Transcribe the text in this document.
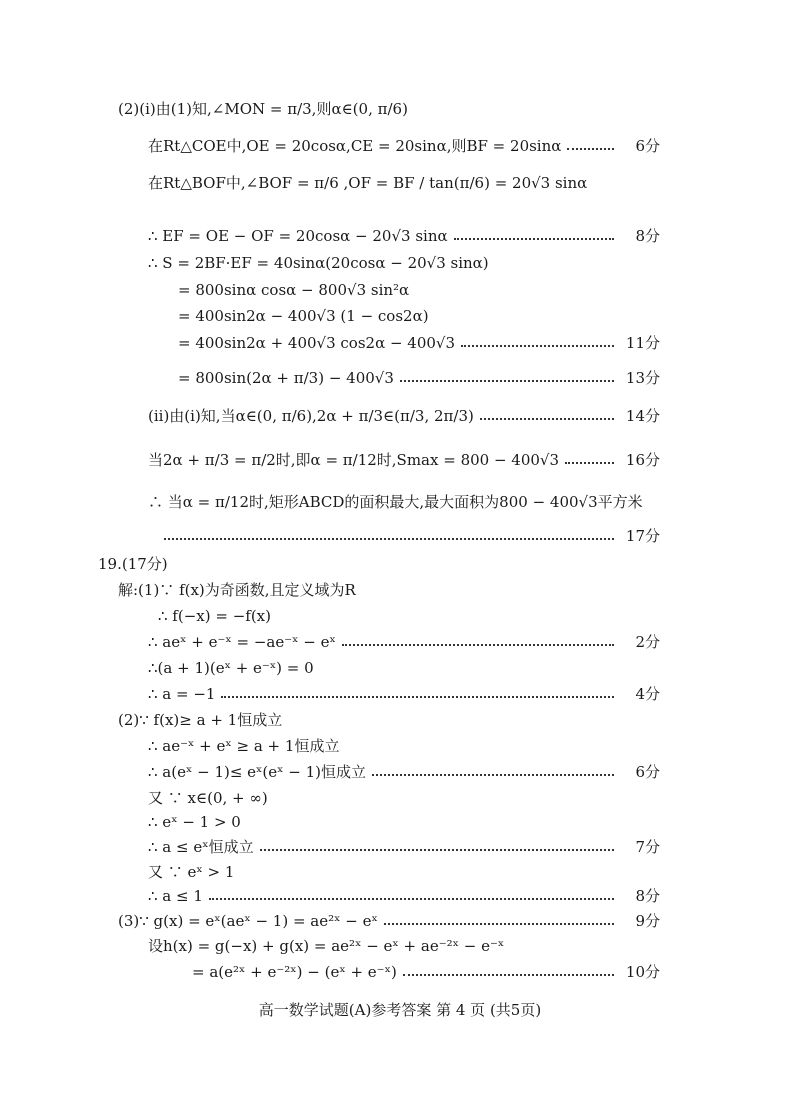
(2)(i)由(1)知,∠MON = π/3,则α∈(0, π/6)
在Rt△COE中,OE = 20cosα,CE = 20sinα,则BF = 20sinα	6分
在Rt△BOF中,∠BOF = π/6 ,OF = BF / tan(π/6) = 20√3 sinα
∴ EF = OE − OF = 20cosα − 20√3 sinα	8分
∴ S = 2BF·EF = 40sinα(20cosα − 20√3 sinα)
= 800sinα cosα − 800√3 sin²α
= 400sin2α − 400√3 (1 − cos2α)
= 400sin2α + 400√3 cos2α − 400√3	11分
= 800sin(2α + π/3) − 400√3	13分
(ii)由(i)知,当α∈(0, π/6),2α + π/3∈(π/3, 2π/3)	14分
当2α + π/3 = π/2时,即α = π/12时,Smax = 800 − 400√3	16分
∴ 当α = π/12时,矩形ABCD的面积最大,最大面积为800 − 400√3平方米
17分
19.(17分)
解:(1)∵ f(x)为奇函数,且定义域为R
∴ f(−x) = −f(x)
∴ aeˣ + e⁻ˣ = −ae⁻ˣ − eˣ	2分
∴(a + 1)(eˣ + e⁻ˣ) = 0
∴ a = −1	4分
(2)∵ f(x)≥ a + 1恒成立
∴ ae⁻ˣ + eˣ ≥ a + 1恒成立
∴ a(eˣ − 1)≤ eˣ(eˣ − 1)恒成立	6分
又 ∵ x∈(0, + ∞)
∴ eˣ − 1 > 0
∴ a ≤ eˣ恒成立	7分
又 ∵ eˣ > 1
∴ a ≤ 1	8分
(3)∵ g(x) = eˣ(aeˣ − 1) = ae²ˣ − eˣ	9分
设h(x) = g(−x) + g(x) = ae²ˣ − eˣ + ae⁻²ˣ − e⁻ˣ
= a(e²ˣ + e⁻²ˣ) − (eˣ + e⁻ˣ)	10分
高一数学试题(A)参考答案 第 4 页 (共5页)
